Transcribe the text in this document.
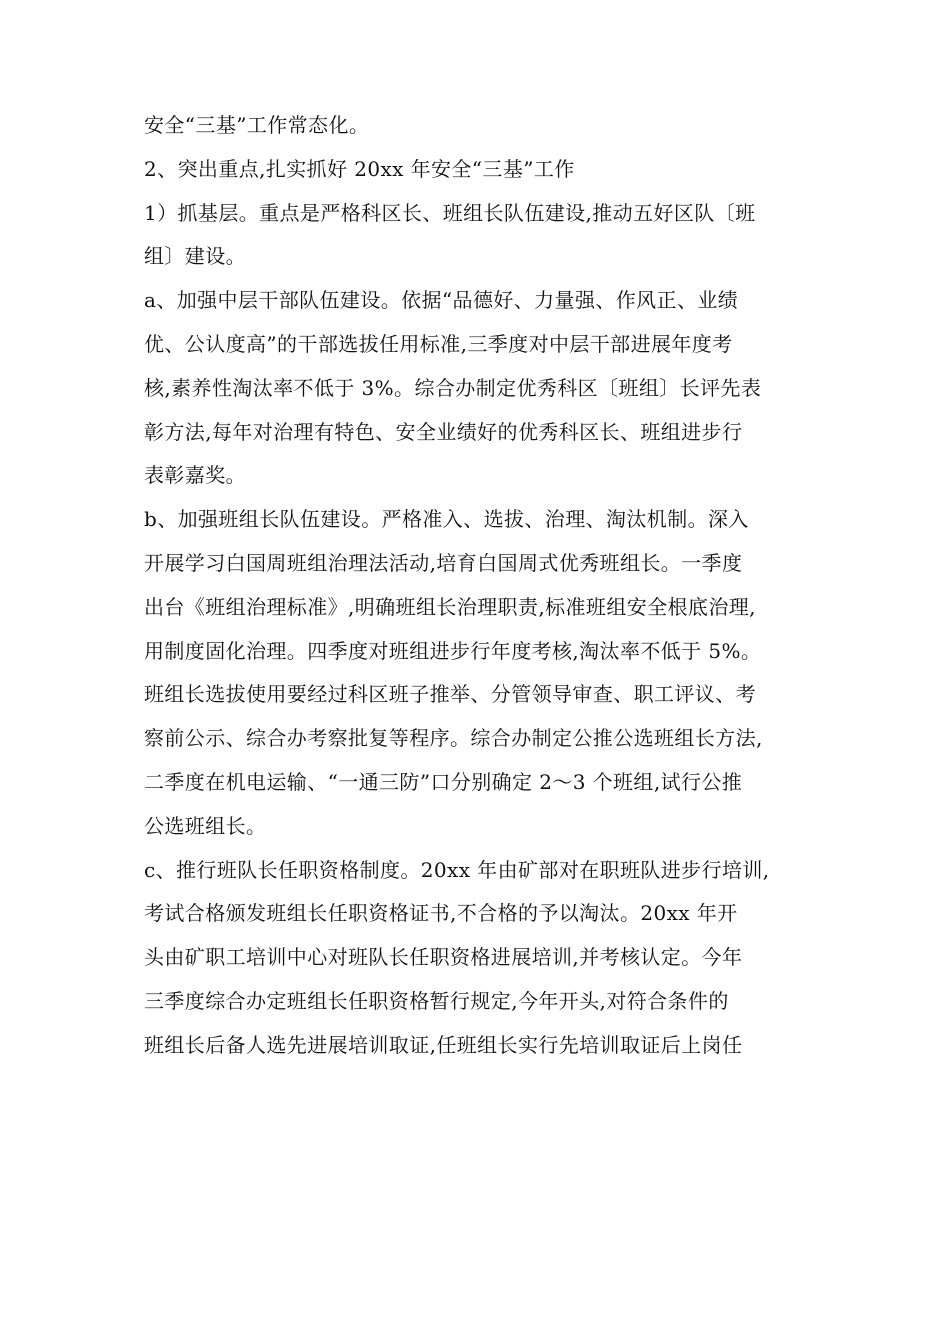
安全“三基”工作常态化。
2、突出重点,扎实抓好 20xx 年安全“三基”工作
1）抓基层。重点是严格科区长、班组长队伍建设,推动五好区队〔班
组〕建设。
a、加强中层干部队伍建设。依据“品德好、力量强、作风正、业绩
优、公认度高”的干部选拔任用标准,三季度对中层干部进展年度考
核,素养性淘汰率不低于 3%。综合办制定优秀科区〔班组〕长评先表
彰方法,每年对治理有特色、安全业绩好的优秀科区长、班组进步行
表彰嘉奖。
b、加强班组长队伍建设。严格准入、选拔、治理、淘汰机制。深入
开展学习白国周班组治理法活动,培育白国周式优秀班组长。一季度
出台《班组治理标准》,明确班组长治理职责,标准班组安全根底治理,
用制度固化治理。四季度对班组进步行年度考核,淘汰率不低于 5%。
班组长选拔使用要经过科区班子推举、分管领导审查、职工评议、考
察前公示、综合办考察批复等程序。综合办制定公推公选班组长方法,
二季度在机电运输、“一通三防”口分别确定 2～3 个班组,试行公推
公选班组长。
c、推行班队长任职资格制度。20xx 年由矿部对在职班队进步行培训,
考试合格颁发班组长任职资格证书,不合格的予以淘汰。20xx 年开
头由矿职工培训中心对班队长任职资格进展培训,并考核认定。今年
三季度综合办定班组长任职资格暂行规定,今年开头,对符合条件的
班组长后备人选先进展培训取证,任班组长实行先培训取证后上岗任
